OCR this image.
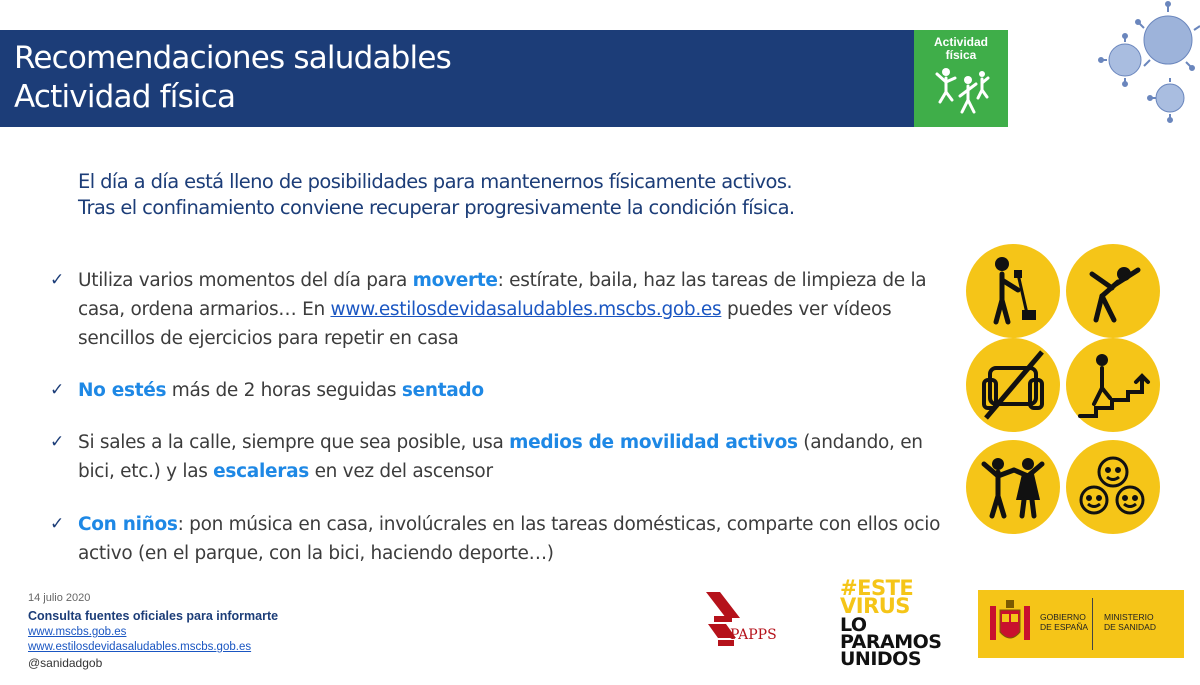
Recomendaciones saludables
Actividad física
Actividad
física
El día a día está lleno de posibilidades para mantenernos físicamente activos.
Tras el confinamiento conviene recuperar progresivamente la condición física.
✓ Utiliza varios momentos del día para moverte: estírate, baila, haz las tareas de limpieza de la casa, ordena armarios… En www.estilosdevidasaludables.mscbs.gob.es puedes ver vídeos sencillos de ejercicios para repetir en casa
✓ No estés más de 2 horas seguidas sentado
✓ Si sales a la calle, siempre que sea posible, usa medios de movilidad activos (andando, en bici, etc.) y las escaleras en vez del ascensor
✓ Con niños: pon música en casa, involúcrales en las tareas domésticas, comparte con ellos ocio activo (en el parque, con la bici, haciendo deporte…)
14 julio 2020
Consulta fuentes oficiales para informarte
www.mscbs.gob.es
www.estilosdevidasaludables.mscbs.gob.es
@sanidadgob
PAPPS
#ESTE
VIRUS
LO
PARAMOS
UNIDOS
GOBIERNO
DE ESPAÑA
MINISTERIO
DE SANIDAD
